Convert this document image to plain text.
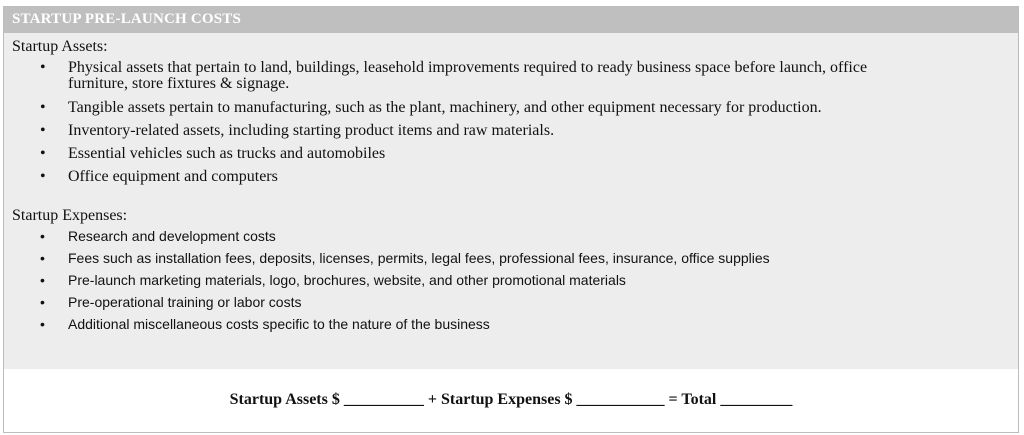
STARTUP PRE-LAUNCH COSTS

Startup Assets:

• Physical assets that pertain to land, buildings, leasehold improvements required to ready business space before launch, office
furniture, store fixtures & signage.
• Tangible assets pertain to manufacturing, such as the plant, machinery, and other equipment necessary for production.
• Inventory-related assets, including starting product items and raw materials.
• Essential vehicles such as trucks and automobiles
• Office equipment and computers

Startup Expenses:

• Research and development costs
• Fees such as installation fees, deposits, licenses, permits, legal fees, professional fees, insurance, office supplies
• Pre-launch marketing materials, logo, brochures, website, and other promotional materials
• Pre-operational training or labor costs
• Additional miscellaneous costs specific to the nature of the business
Startup Assets $ __________ + Startup Expenses $ ___________ = Total _________
